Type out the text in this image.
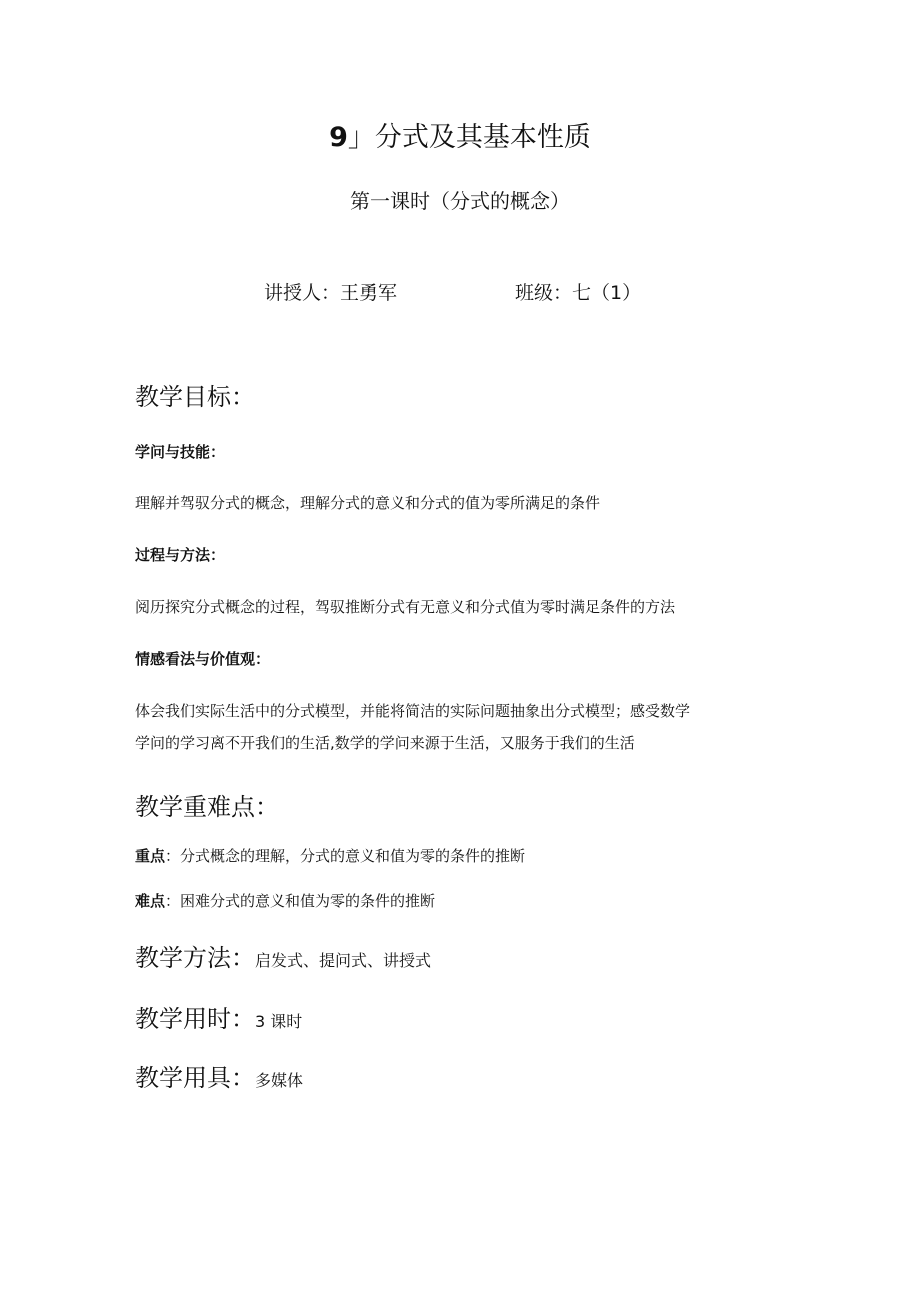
9」分式及其基本性质
第一课时（分式的概念）
讲授人：王勇军	班级：七（1）
教学目标：
学问与技能：
理解并驾驭分式的概念，理解分式的意义和分式的值为零所满足的条件
过程与方法：
阅历探究分式概念的过程，驾驭推断分式有无意义和分式值为零时满足条件的方法
情感看法与价值观：
体会我们实际生活中的分式模型，并能将简洁的实际问题抽象出分式模型；感受数学
学问的学习离不开我们的生活,数学的学问来源于生活，又服务于我们的生活
教学重难点：
重点：分式概念的理解，分式的意义和值为零的条件的推断
难点：困难分式的意义和值为零的条件的推断
教学方法：启发式、提问式、讲授式
教学用时：3 课时
教学用具：多媒体
